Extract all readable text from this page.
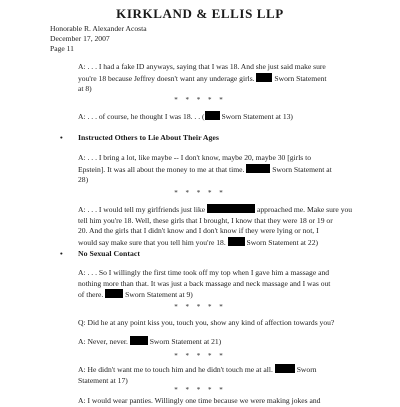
KIRKLAND & ELLIS LLP
Honorable R. Alexander Acosta
December 17, 2007
Page 11
A: . . . I had a fake ID anyways, saying that I was 18. And she just said make sure
you're 18 because Jeffrey doesn't want any underage girls.	Sworn Statement
at 8)
* * * * *
A: . . . of course, he thought I was 18. . . ( Sworn Statement at 13)
• Instructed Others to Lie About Their Ages
A: . . . I bring a lot, like maybe -- I don't know, maybe 20, maybe 30 [girls to
Epstein]. It was all about the money to me at that time.	Sworn Statement at
28)
* * * * *
A: . . . I would tell my girlfriends just like	approached me. Make sure you
tell him you're 18. Well, these girls that I brought, I know that they were 18 or 19 or
20. And the girls that I didn't know and I don't know if they were lying or not, I
would say make sure that you tell him you're 18.	Sworn Statement at 22)
• No Sexual Contact
A: . . . So I willingly the first time took off my top when I gave him a massage and
nothing more than that. It was just a back massage and neck massage and I was out
of there.	Sworn Statement at 9)
* * * * *
Q: Did he at any point kiss you, touch you, show any kind of affection towards you?
A: Never, never.	Sworn Statement at 21)
* * * * *
A: He didn't want me to touch him and he didn't touch me at all.	Sworn
Statement at 17)
* * * * *
A: I would wear panties. Willingly one time because we were making jokes and
